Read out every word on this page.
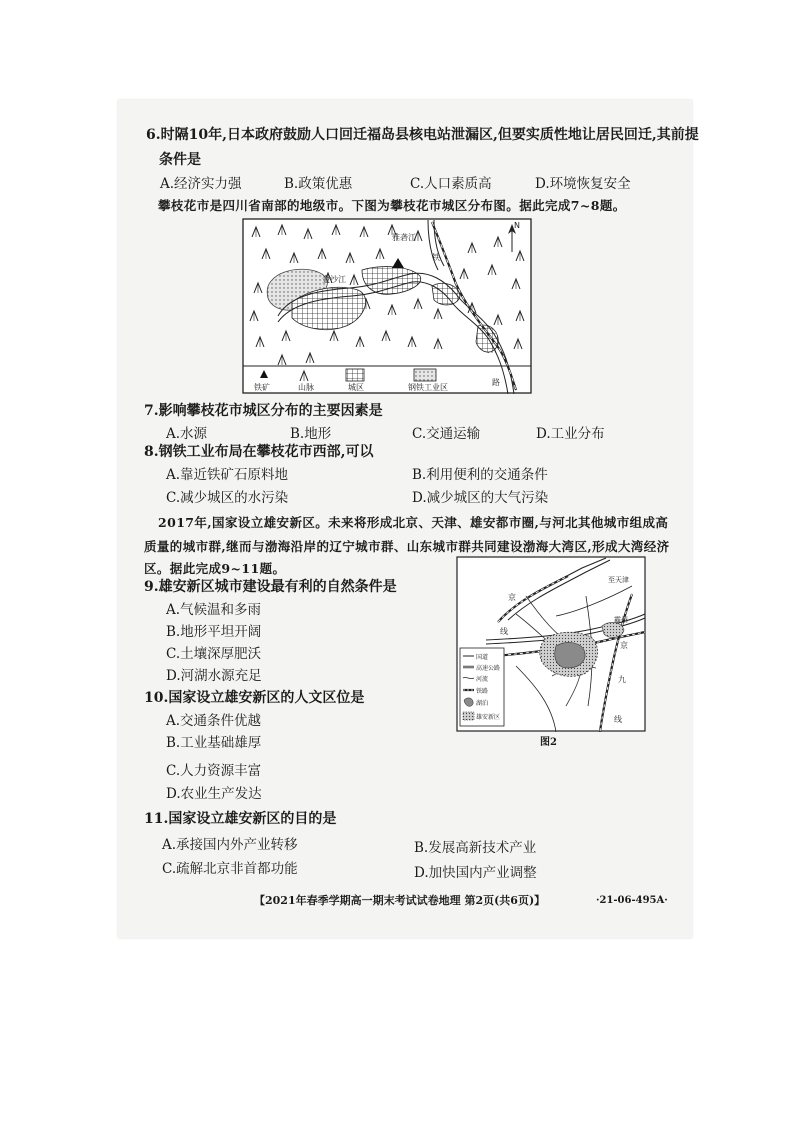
6.时隔10年,日本政府鼓励人口回迁福岛县核电站泄漏区,但要实质性地让居民回迁,其前提
条件是
A.经济实力强	B.政策优惠	C.人口素质高	D.环境恢复安全
攀枝花市是四川省南部的地级市。下图为攀枝花市城区分布图。据此完成7~8题。
N
雅砻江
金沙江
铁
铁矿	山脉	城区	钢铁工业区
路
7.影响攀枝花市城区分布的主要因素是
A.水源	B.地形	C.交通运输	D.工业分布
8.钢铁工业布局在攀枝花市西部,可以
A.靠近铁矿石原料地	B.利用便利的交通条件
C.减少城区的水污染	D.减少城区的大气污染
2017年,国家设立雄安新区。未来将形成北京、天津、雄安都市圈,与河北其他城市组成高
质量的城市群,继而与渤海沿岸的辽宁城市群、山东城市群共同建设渤海大湾区,形成大湾经济
区。据此完成9~11题。
9.雄安新区城市建设最有利的自然条件是
A.气候温和多雨
B.地形平坦开阔
C.土壤深厚肥沃
D.河湖水源充足
京
至天津
霸州
线
京
九
线
国道
高速公路
河流
铁路
湖泊
雄安新区
图2
10.国家设立雄安新区的人文区位是
A.交通条件优越
B.工业基础雄厚
C.人力资源丰富
D.农业生产发达
11.国家设立雄安新区的目的是
A.承接国内外产业转移	B.发展高新技术产业
C.疏解北京非首都功能	D.加快国内产业调整
【2021年春季学期高一期末考试试卷地理 第2页(共6页)】	·21-06-495A·
